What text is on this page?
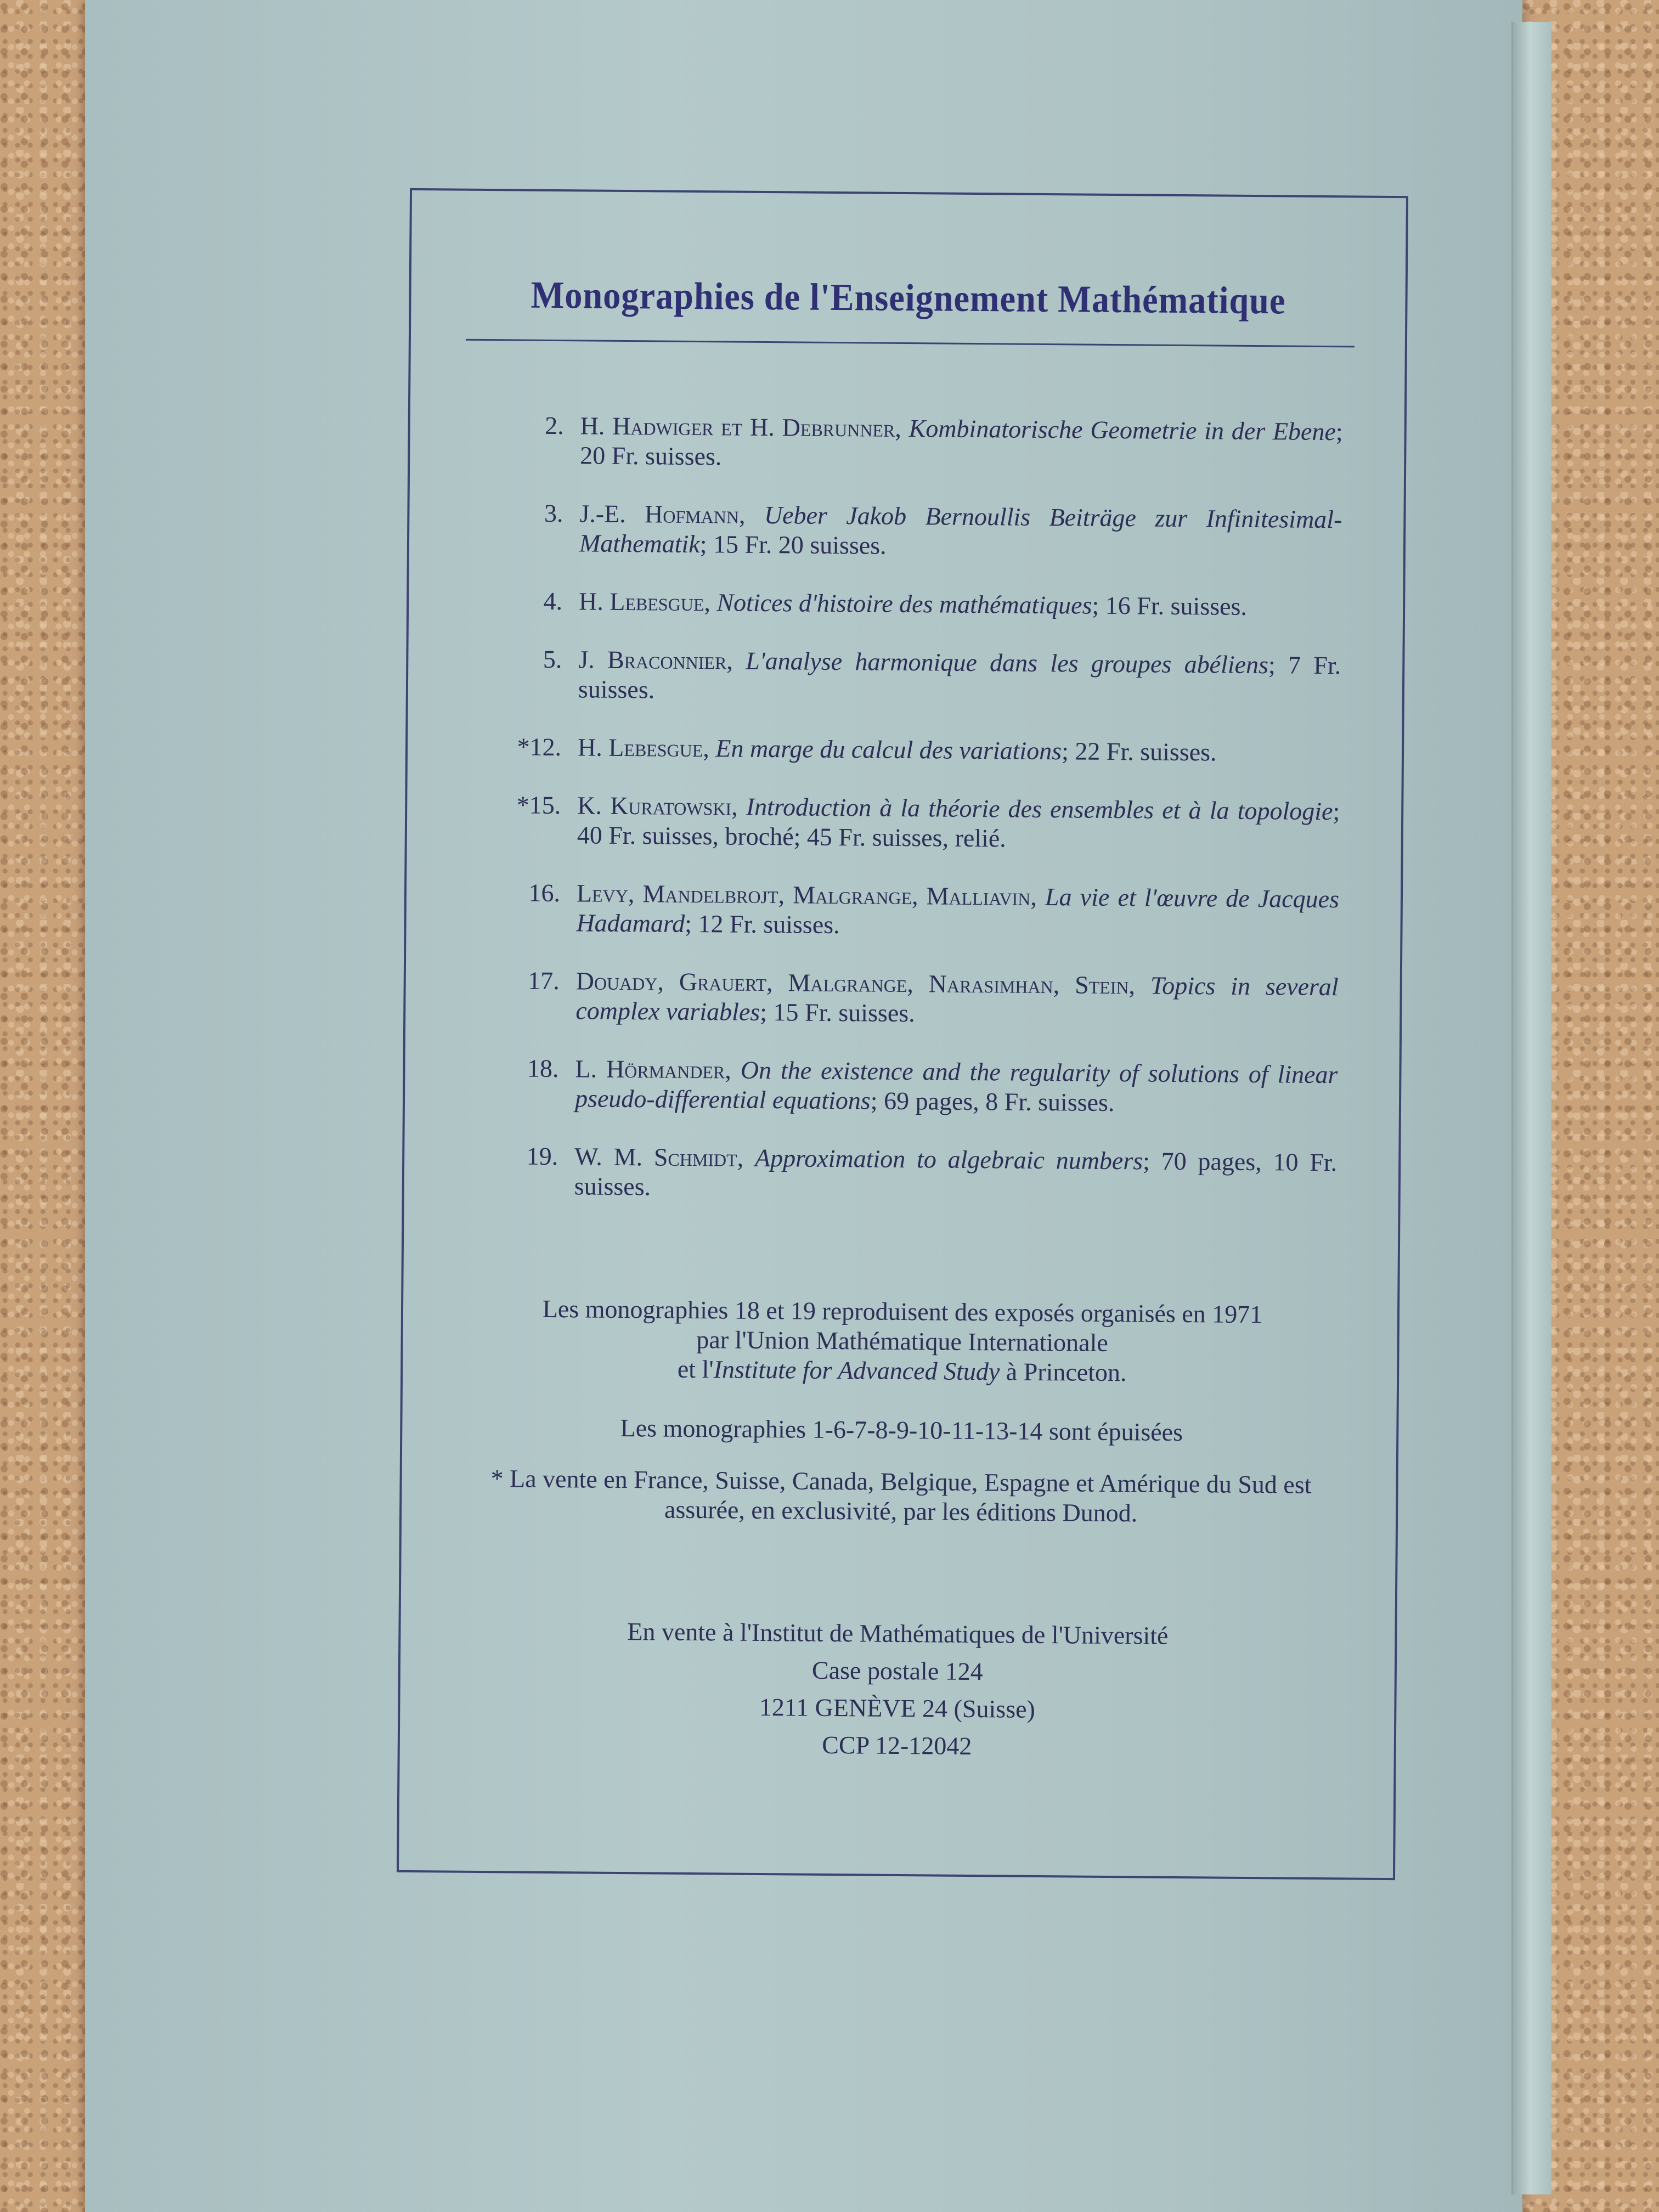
Monographies de l'Enseignement Mathématique
2. H. Hadwiger et H. Debrunner, Kombinatorische Geometrie in der Ebene; 20 Fr. suisses.
3. J.-E. Hofmann, Ueber Jakob Bernoullis Beiträge zur Infinitesimal-Mathematik; 15 Fr. 20 suisses.
4. H. Lebesgue, Notices d'histoire des mathématiques; 16 Fr. suisses.
5. J. Braconnier, L'analyse harmonique dans les groupes abéliens; 7 Fr. suisses.
*12. H. Lebesgue, En marge du calcul des variations; 22 Fr. suisses.
*15. K. Kuratowski, Introduction à la théorie des ensembles et à la topologie; 40 Fr. suisses, broché; 45 Fr. suisses, relié.
16. Levy, Mandelbrojt, Malgrange, Malliavin, La vie et l'œuvre de Jacques Hadamard; 12 Fr. suisses.
17. Douady, Grauert, Malgrange, Narasimhan, Stein, Topics in several complex variables; 15 Fr. suisses.
18. L. Hörmander, On the existence and the regularity of solutions of linear pseudo-differential equations; 69 pages, 8 Fr. suisses.
19. W. M. Schmidt, Approximation to algebraic numbers; 70 pages, 10 Fr. suisses.

Les monographies 18 et 19 reproduisent des exposés organisés en 1971
par l'Union Mathématique Internationale
et l'Institute for Advanced Study à Princeton.

Les monographies 1-6-7-8-9-10-11-13-14 sont épuisées

* La vente en France, Suisse, Canada, Belgique, Espagne et Amérique du Sud est assurée, en exclusivité, par les éditions Dunod.
En vente à l'Institut de Mathématiques de l'Université
Case postale 124
1211 GENÈVE 24 (Suisse)
CCP 12-12042
